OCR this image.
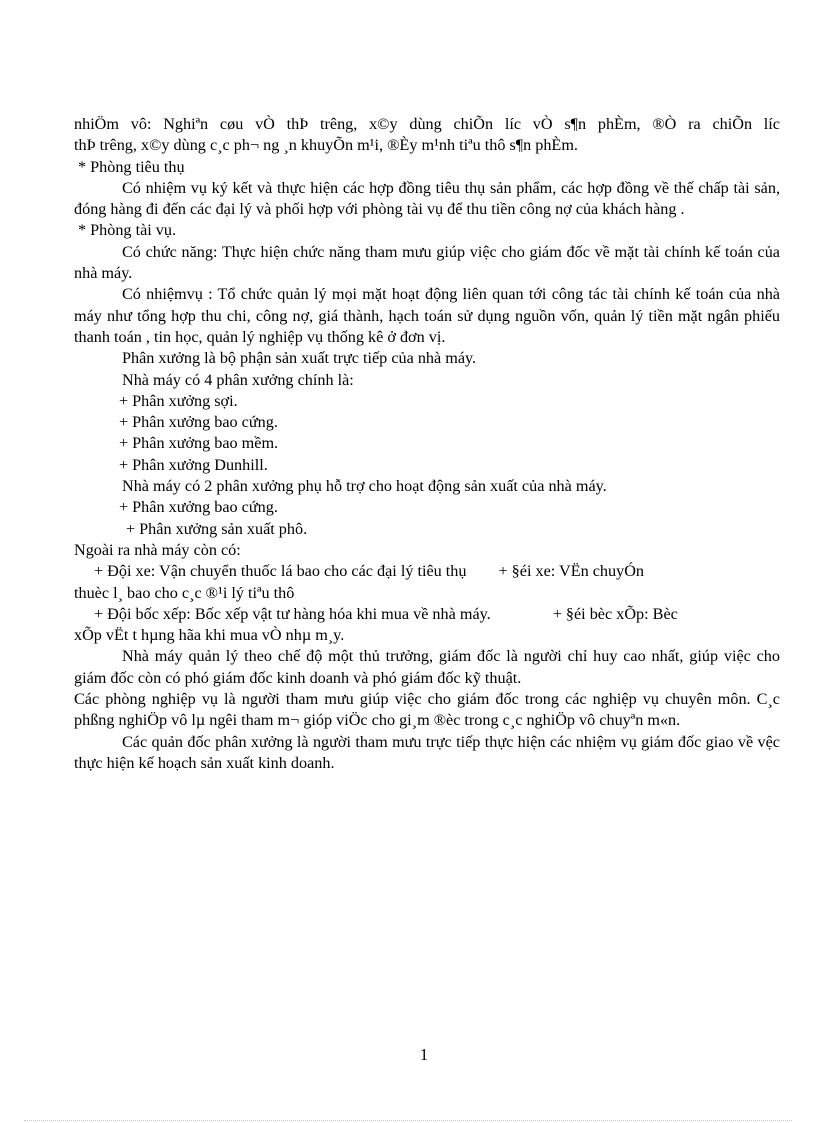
nhiÖm vô: Nghiªn cøu vÒ thÞ trêng, x©y dùng chiÕn líc vÒ s¶n phÈm, ®Ò ra chiÕn líc

thÞ trêng, x©y dùng c¸c ph¬ ng ¸n khuyÕn m¹i, ®Èy m¹nh tiªu thô s¶n phÈm.

* Phòng tiêu thụ

Có nhiệm vụ ký kết và thực hiện các hợp đồng tiêu thụ sản phẩm, các hợp đồng về thế chấp tài sản, đóng hàng đi đến các đại lý và phối hợp với phòng tài vụ để thu tiền công nợ của khách hàng .

* Phòng tài vụ.

Có chức năng: Thực hiện chức năng tham mưu giúp việc cho giám đốc về mặt tài chính kế toán của nhà máy.

Có nhiệmvụ : Tổ chức quản lý mọi mặt hoạt động liên quan tới công tác tài chính kế toán của nhà máy như tổng hợp thu chi, công nợ, giá thành, hạch toán sử dụng nguồn vốn, quản lý tiền mặt ngân phiếu thanh toán , tin học, quản lý nghiệp vụ thống kê ở đơn vị.

Phân xưởng là bộ phận sản xuất trực tiếp của nhà máy.

Nhà máy có 4 phân xưởng chính là:

+ Phân xưởng sợi.

+ Phân xưởng bao cứng.

+ Phân xưởng bao mềm.

+ Phân xưởng Dunhill.

Nhà máy có 2 phân xưởng phụ hỗ trợ cho hoạt động sản xuất của nhà máy.

+ Phân xưởng bao cứng.

+ Phân xưởng sản xuất phô.

Ngoài ra nhà máy còn có:

+ Đội xe: Vận chuyển thuốc lá bao cho các đại lý tiêu thụ + §éi xe: VËn chuyÓn

thuèc l¸ bao cho c¸c ®¹i lý tiªu thô

+ Đội bốc xếp: Bốc xếp vật tư hàng hóa khi mua về nhà máy.	+ §éi bèc xÕp: Bèc

xÕp vËt t hµng hãa khi mua vÒ nhµ m¸y.

Nhà máy quản lý theo chế độ một thủ trưởng, giám đốc là người chỉ huy cao nhất, giúp việc cho giám đốc còn có phó giám đốc kinh doanh và phó giám đốc kỹ thuật.

Các phòng nghiệp vụ là người tham mưu giúp việc cho giám đốc trong các nghiệp vụ chuyên môn. C¸c phßng nghiÖp vô lµ ngêi tham m¬ gióp viÖc cho gi¸m ®èc trong c¸c nghiÖp vô chuyªn m«n.

Các quản đốc phân xưởng là người tham mưu trực tiếp thực hiện các nhiệm vụ giám đốc giao về vệc thực hiện kế hoạch sản xuất kinh doanh.

1
